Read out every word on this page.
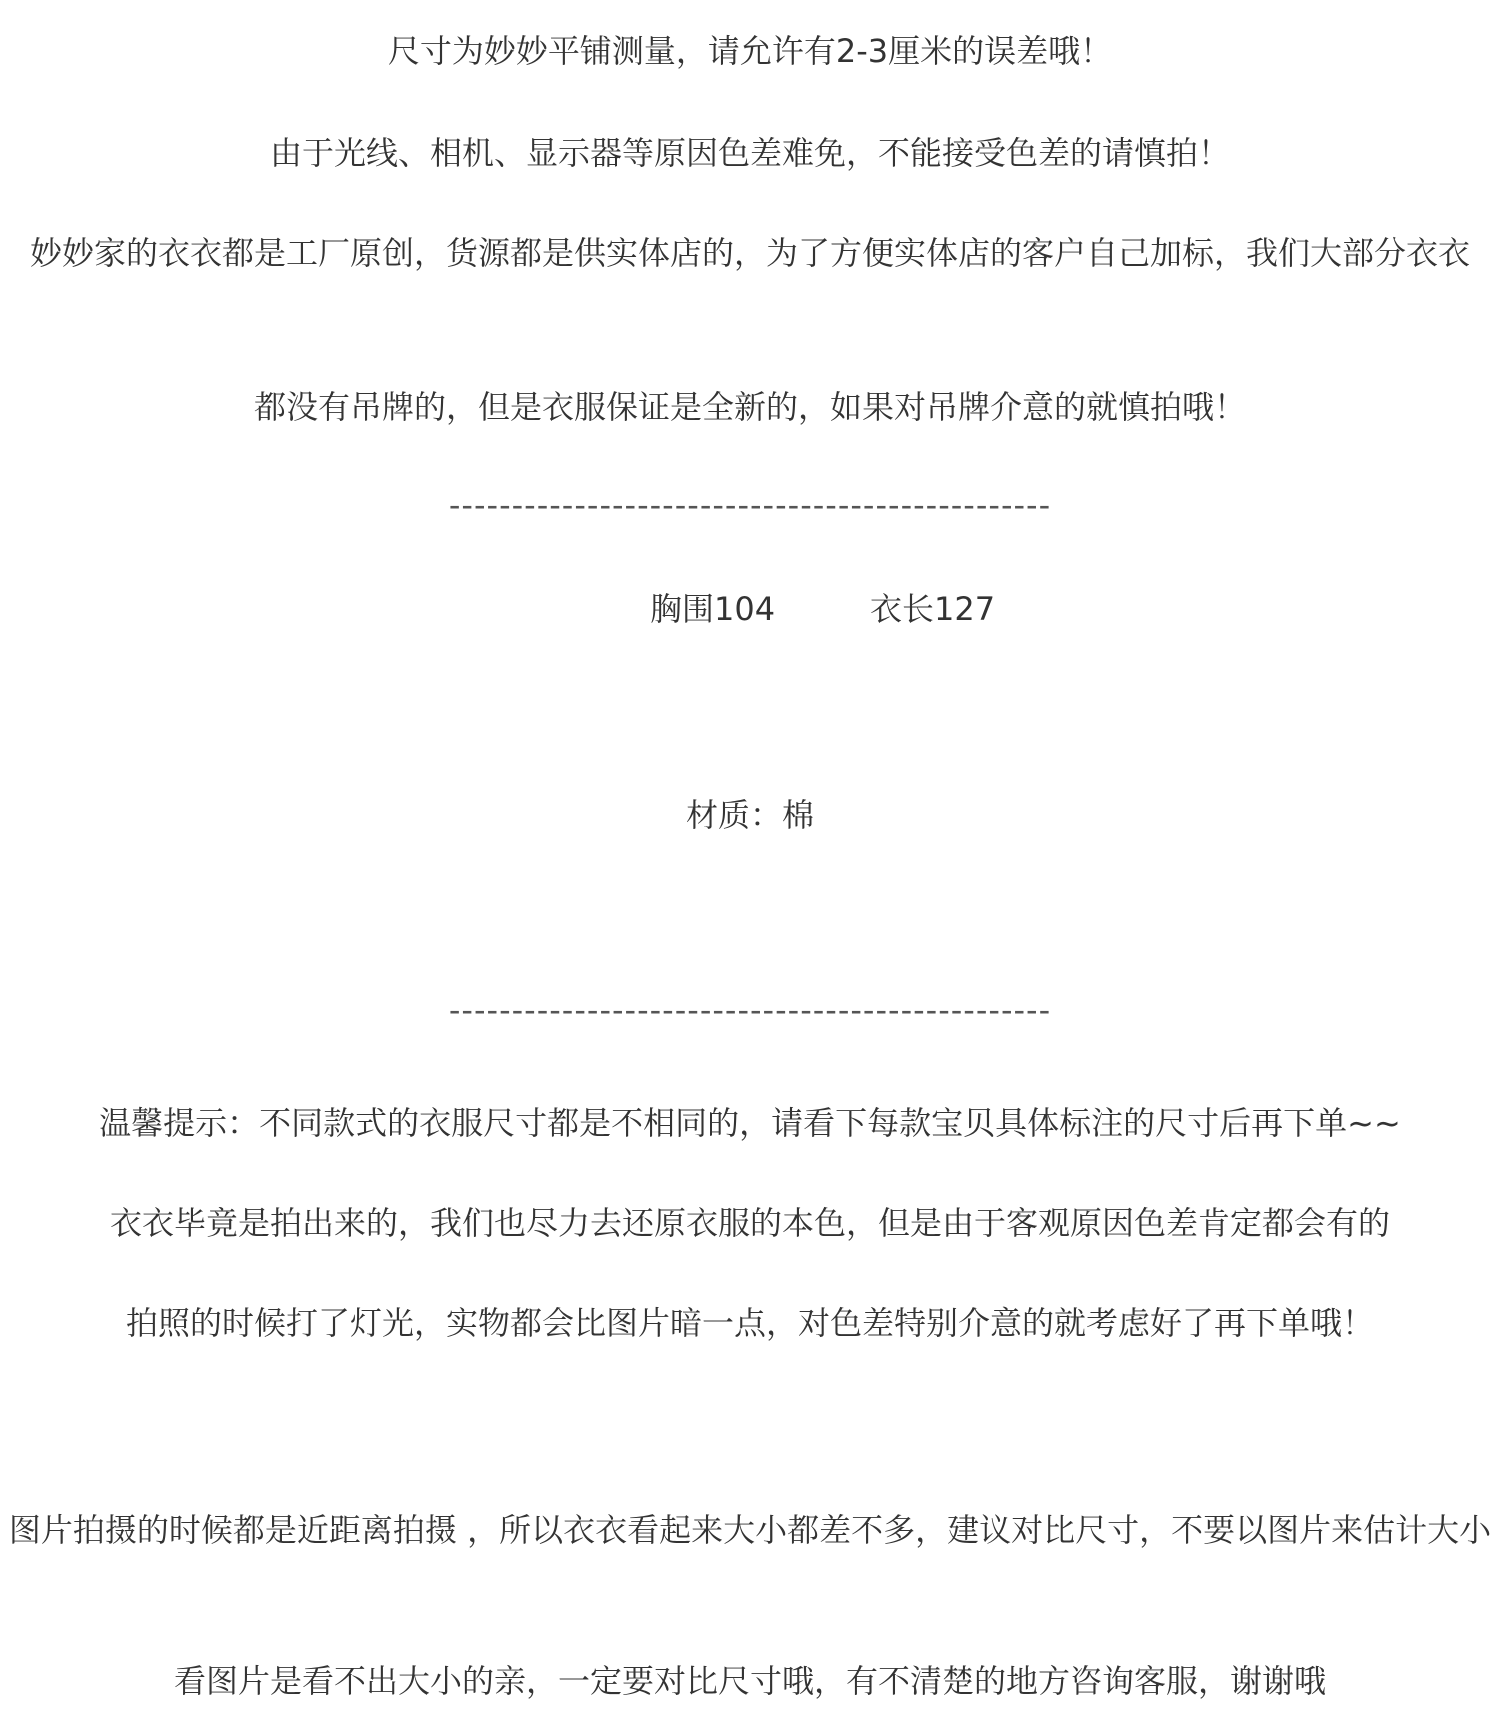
尺寸为妙妙平铺测量，请允许有2-3厘米的误差哦！
由于光线、相机、显示器等原因色差难免，不能接受色差的请慎拍！
妙妙家的衣衣都是工厂原创，货源都是供实体店的，为了方便实体店的客户自己加标，我们大部分衣衣
都没有吊牌的，但是衣服保证是全新的，如果对吊牌介意的就慎拍哦！
------------------------------------------------
胸围104	衣长127
材质：棉
------------------------------------------------
温馨提示：不同款式的衣服尺寸都是不相同的，请看下每款宝贝具体标注的尺寸后再下单~~
衣衣毕竟是拍出来的，我们也尽力去还原衣服的本色，但是由于客观原因色差肯定都会有的
拍照的时候打了灯光，实物都会比图片暗一点，对色差特别介意的就考虑好了再下单哦！
图片拍摄的时候都是近距离拍摄 ，所以衣衣看起来大小都差不多，建议对比尺寸，不要以图片来估计大小
看图片是看不出大小的亲，一定要对比尺寸哦，有不清楚的地方咨询客服，谢谢哦
